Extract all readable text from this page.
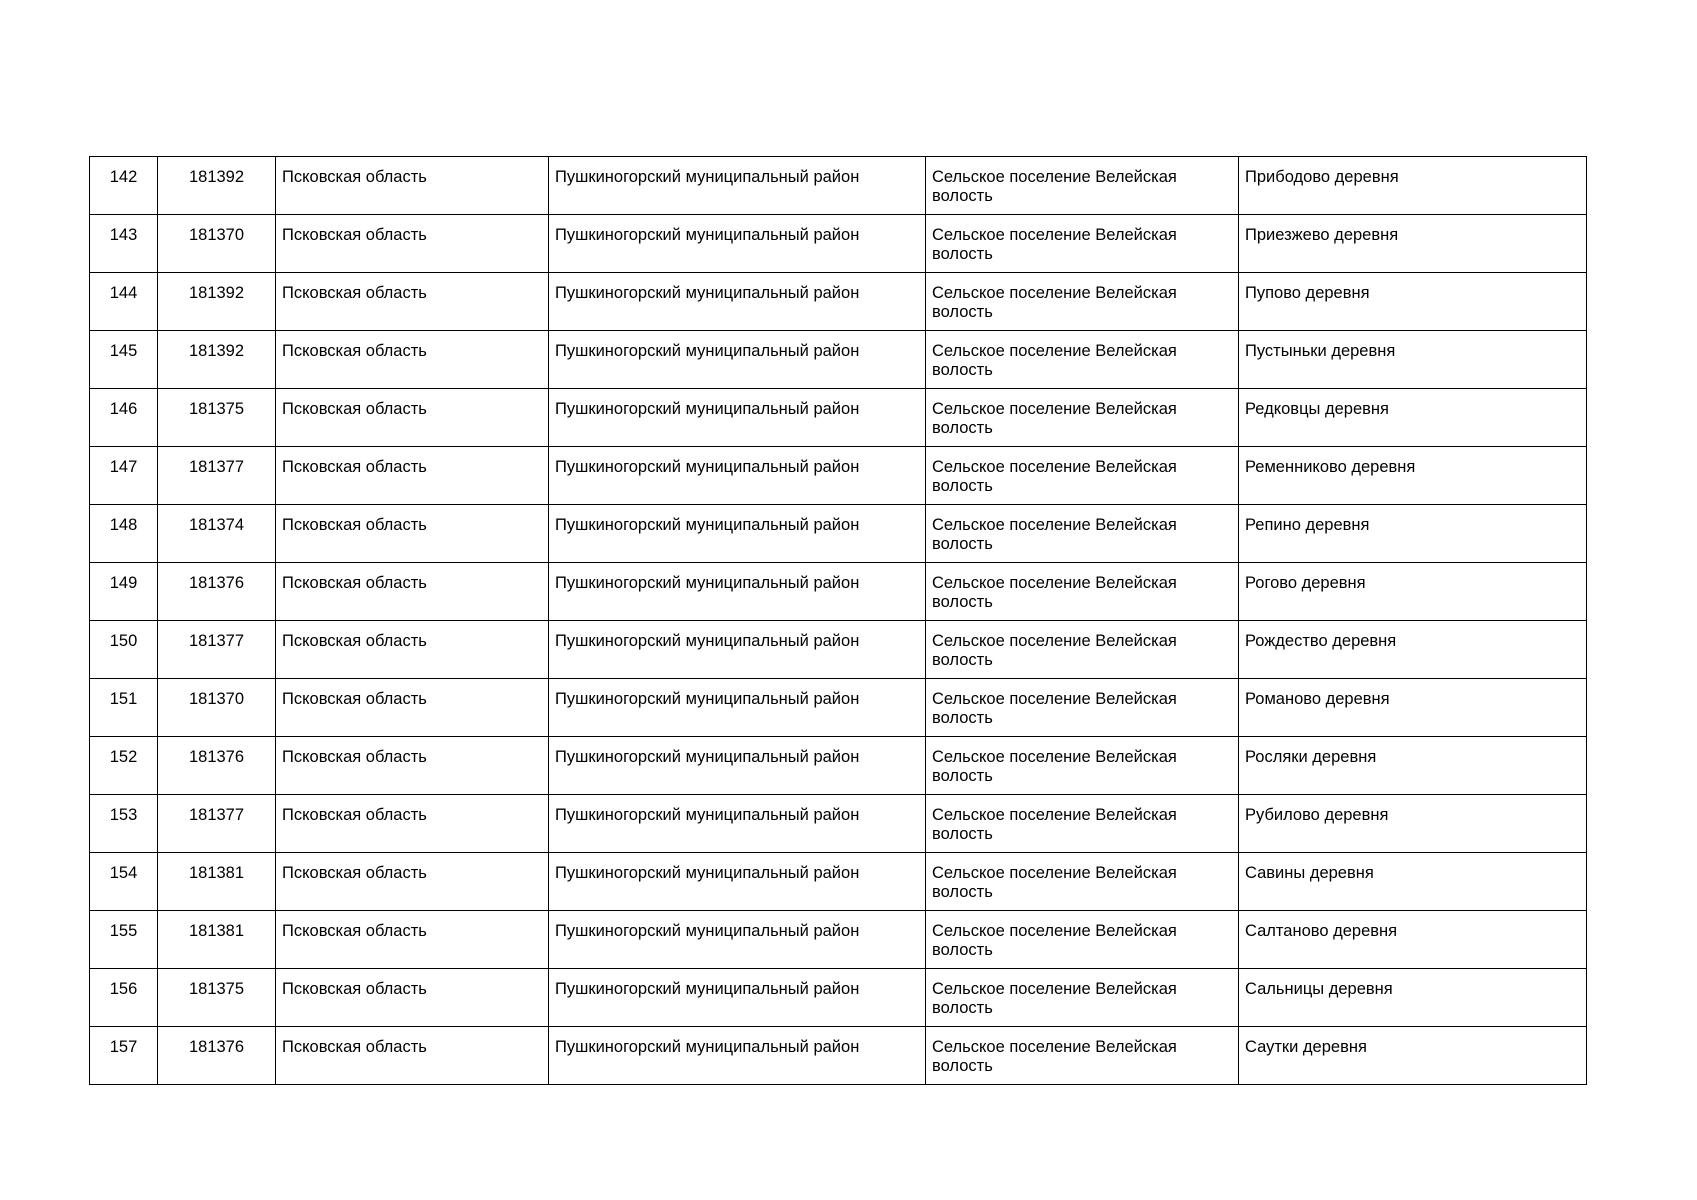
142	181392	Псковская область	Пушкиногорский муниципальный район	Сельское поселение Велейская волость	Прибодово деревня
143	181370	Псковская область	Пушкиногорский муниципальный район	Сельское поселение Велейская волость	Приезжево деревня
144	181392	Псковская область	Пушкиногорский муниципальный район	Сельское поселение Велейская волость	Пупово деревня
145	181392	Псковская область	Пушкиногорский муниципальный район	Сельское поселение Велейская волость	Пустыньки деревня
146	181375	Псковская область	Пушкиногорский муниципальный район	Сельское поселение Велейская волость	Редковцы деревня
147	181377	Псковская область	Пушкиногорский муниципальный район	Сельское поселение Велейская волость	Ременниково деревня
148	181374	Псковская область	Пушкиногорский муниципальный район	Сельское поселение Велейская волость	Репино деревня
149	181376	Псковская область	Пушкиногорский муниципальный район	Сельское поселение Велейская волость	Рогово деревня
150	181377	Псковская область	Пушкиногорский муниципальный район	Сельское поселение Велейская волость	Рождество деревня
151	181370	Псковская область	Пушкиногорский муниципальный район	Сельское поселение Велейская волость	Романово деревня
152	181376	Псковская область	Пушкиногорский муниципальный район	Сельское поселение Велейская волость	Росляки деревня
153	181377	Псковская область	Пушкиногорский муниципальный район	Сельское поселение Велейская волость	Рубилово деревня
154	181381	Псковская область	Пушкиногорский муниципальный район	Сельское поселение Велейская волость	Савины деревня
155	181381	Псковская область	Пушкиногорский муниципальный район	Сельское поселение Велейская волость	Салтаново деревня
156	181375	Псковская область	Пушкиногорский муниципальный район	Сельское поселение Велейская волость	Сальницы деревня
157	181376	Псковская область	Пушкиногорский муниципальный район	Сельское поселение Велейская волость	Саутки деревня
